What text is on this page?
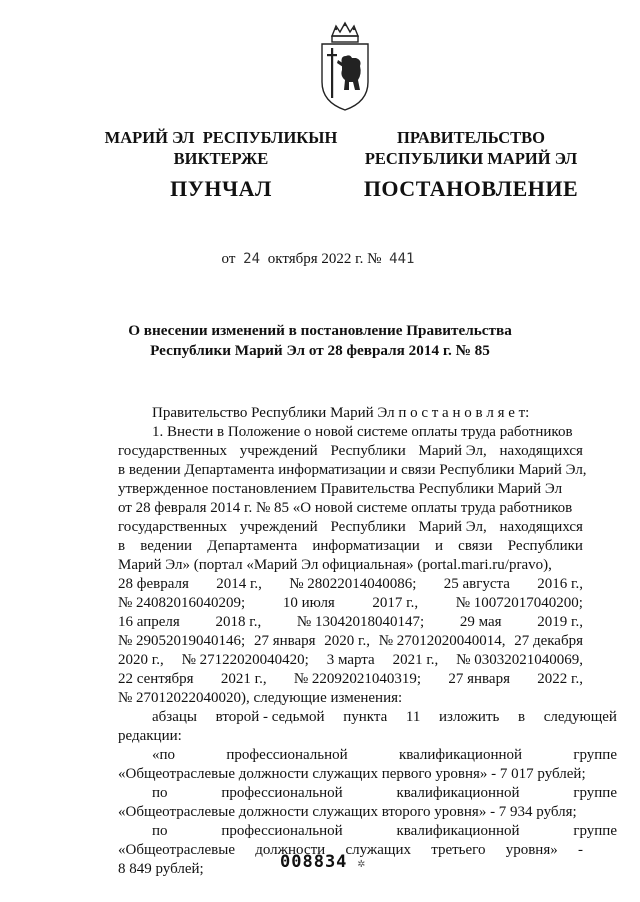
МАРИЙ ЭЛ  РЕСПУБЛИКЫН
ВИКТЕРЖЕ
ПУНЧАЛ
ПРАВИТЕЛЬСТВО
РЕСПУБЛИКИ МАРИЙ ЭЛ
ПОСТАНОВЛЕНИЕ
от 24 октября 2022 г. № 441
О внесении изменений в постановление Правительства
Республики Марий Эл от 28 февраля 2014 г. № 85
Правительство Республики Марий Эл п о с т а н о в л я е т:
1. Внести в Положение о новой системе оплаты труда работников
государственных учреждений Республики Марий Эл, находящихся
в ведении Департамента информатизации и связи Республики Марий Эл,
утвержденное постановлением Правительства Республики Марий Эл
от 28 февраля 2014 г. № 85 «О новой системе оплаты труда работников
государственных учреждений Республики Марий Эл, находящихся
в ведении Департамента информатизации и связи Республики
Марий Эл» (портал «Марий Эл официальная» (portal.mari.ru/pravo),
28 февраля 2014 г., № 28022014040086; 25 августа 2016 г.,
№ 24082016040209;	10 июля	2017 г.,	№ 10072017040200;
16 апреля 2018 г., № 13042018040147; 29 мая 2019 г.,
№ 29052019040146; 27 января 2020 г., № 27012020040014, 27 декабря
2020 г., № 27122020040420; 3 марта 2021 г., № 03032021040069,
22 сентября 2021 г., № 22092021040319; 27 января 2022 г.,
№ 27012022040020), следующие изменения:
абзацы второй - седьмой пункта 11 изложить в следующей
редакции:
«по	профессиональной	квалификационной	группе
«Общеотраслевые должности служащих первого уровня» - 7 017 рублей;
по	профессиональной	квалификационной	группе
«Общеотраслевые должности служащих второго уровня» - 7 934 рубля;
по	профессиональной	квалификационной	группе
«Общеотраслевые должности служащих третьего уровня» -
8 849 рублей;	008834 ✲
